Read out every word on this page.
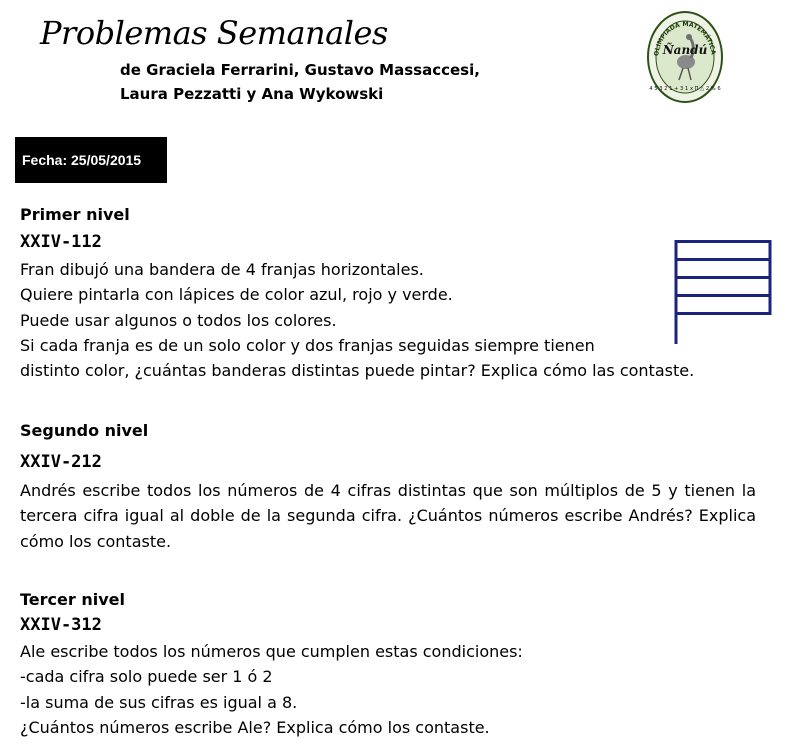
Problemas Semanales
de Graciela Ferrarini, Gustavo Massaccesi,
Laura Pezzatti y Ana Wykowski
OLIMPIADA MATEMÁTICA
Ñandú
4 5 3 2 1 + 3 1 x Π △ 2 % 6
Fecha: 25/05/2015
Primer nivel
XXIV-112
Fran dibujó una bandera de 4 franjas horizontales.
Quiere pintarla con lápices de color azul, rojo y verde.
Puede usar algunos o todos los colores.
Si cada franja es de un solo color y dos franjas seguidas siempre tienen
distinto color, ¿cuántas banderas distintas puede pintar? Explica cómo las contaste.
Segundo nivel
XXIV-212
Andrés escribe todos los números de 4 cifras distintas que son múltiplos de 5 y tienen la tercera cifra igual al doble de la segunda cifra. ¿Cuántos números escribe Andrés? Explica cómo los contaste.
Tercer nivel
XXIV-312
Ale escribe todos los números que cumplen estas condiciones:
-cada cifra solo puede ser 1 ó 2
-la suma de sus cifras es igual a 8.
¿Cuántos números escribe Ale? Explica cómo los contaste.
